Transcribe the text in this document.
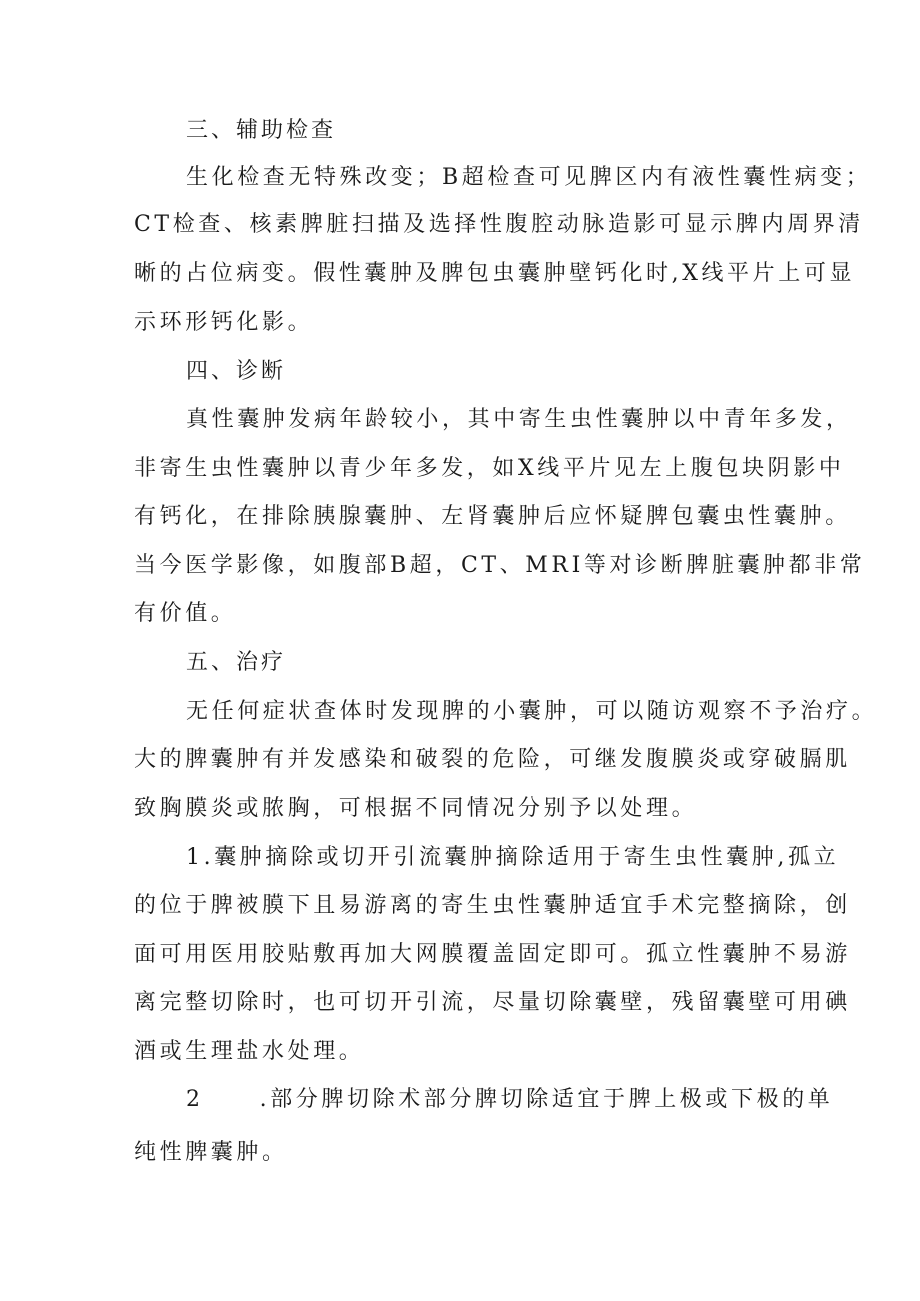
三、辅助检查
生化检查无特殊改变；B超检查可见脾区内有液性囊性病变；
CT检查、核素脾脏扫描及选择性腹腔动脉造影可显示脾内周界清
晰的占位病变。假性囊肿及脾包虫囊肿壁钙化时,X线平片上可显
示环形钙化影。
四、诊断
真性囊肿发病年龄较小，其中寄生虫性囊肿以中青年多发，
非寄生虫性囊肿以青少年多发，如X线平片见左上腹包块阴影中
有钙化，在排除胰腺囊肿、左肾囊肿后应怀疑脾包囊虫性囊肿。
当今医学影像，如腹部B超，CT、MRI等对诊断脾脏囊肿都非常
有价值。
五、治疗
无任何症状查体时发现脾的小囊肿，可以随访观察不予治疗。
大的脾囊肿有并发感染和破裂的危险，可继发腹膜炎或穿破膈肌
致胸膜炎或脓胸，可根据不同情况分别予以处理。
1.囊肿摘除或切开引流囊肿摘除适用于寄生虫性囊肿,孤立
的位于脾被膜下且易游离的寄生虫性囊肿适宜手术完整摘除，创
面可用医用胶贴敷再加大网膜覆盖固定即可。孤立性囊肿不易游
离完整切除时，也可切开引流，尽量切除囊壁，残留囊壁可用碘
酒或生理盐水处理。
2	.部分脾切除术部分脾切除适宜于脾上极或下极的单
纯性脾囊肿。
